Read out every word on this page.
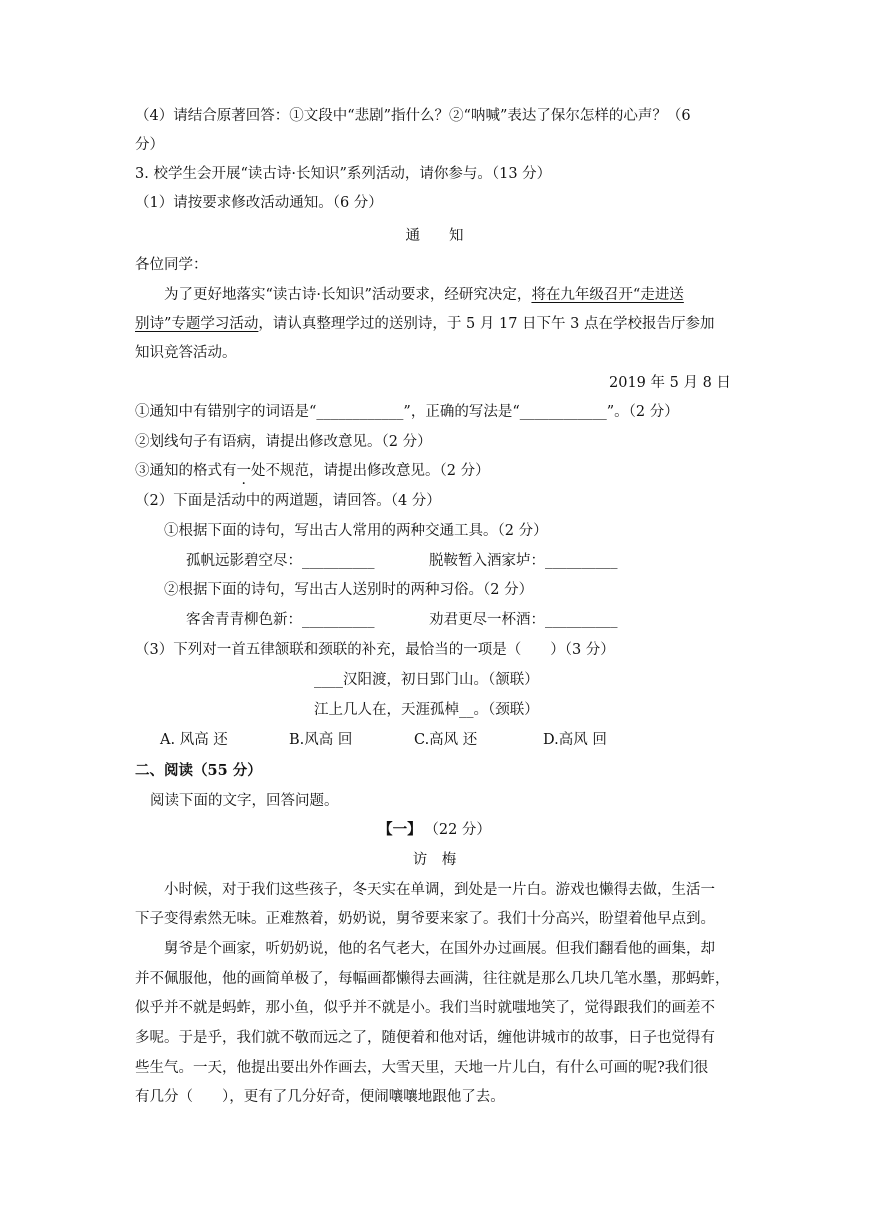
（4）请结合原著回答：①文段中“悲剧”指什么？②“呐喊”表达了保尔怎样的心声？（6
分）
3. 校学生会开展“读古诗·长知识”系列活动，请你参与。（13 分）
（1）请按要求修改活动通知。（6 分）
通　　知
各位同学：
为了更好地落实“读古诗·长知识”活动要求，经研究决定，将在九年级召开“走进送
别诗”专题学习活动，请认真整理学过的送别诗，于 5 月 17 日下午 3 点在学校报告厅参加
知识竞答活动。
2019 年 5 月 8 日
①通知中有错别字的词语是“____________”，正确的写法是“____________”。（2 分）
②划线句子有语病，请提出修改意见。（2 分）
③通知的格式有一处不规范，请提出修改意见。（2 分）
（2）下面是活动中的两道题，请回答。（4 分）
①根据下面的诗句，写出古人常用的两种交通工具。（2 分）
孤帆远影碧空尽：__________	脱鞍暂入酒家垆：__________
②根据下面的诗句，写出古人送别时的两种习俗。（2 分）
客舍青青柳色新：__________	劝君更尽一杯酒：__________
（3）下列对一首五律颔联和颈联的补充，最恰当的一项是（　　）（3 分）
____汉阳渡，初日郢门山。（颔联）
江上几人在，天涯孤棹__。（颈联）
A. 风高 还	B.风高 回	C.高风 还	D.高风 回
二、阅读（55 分）
阅读下面的文字，回答问题。
【一】 （22 分）
访　梅
小时候，对于我们这些孩子，冬天实在单调，到处是一片白。游戏也懒得去做，生活一
下子变得索然无味。正难熬着，奶奶说，舅爷要来家了。我们十分高兴，盼望着他早点到。
舅爷是个画家，听奶奶说，他的名气老大，在国外办过画展。但我们翻看他的画集，却
并不佩服他，他的画简单极了，每幅画都懒得去画满，往往就是那么几块几笔水墨，那蚂蚱，
似乎并不就是蚂蚱，那小鱼，似乎并不就是小。我们当时就嗤地笑了，觉得跟我们的画差不
多呢。于是乎，我们就不敬而远之了，随便着和他对话，缠他讲城市的故事，日子也觉得有
些生气。一天，他提出要出外作画去，大雪天里，天地一片儿白，有什么可画的呢?我们很
有几分（　　），更有了几分好奇，便闹嚷嚷地跟他了去。
